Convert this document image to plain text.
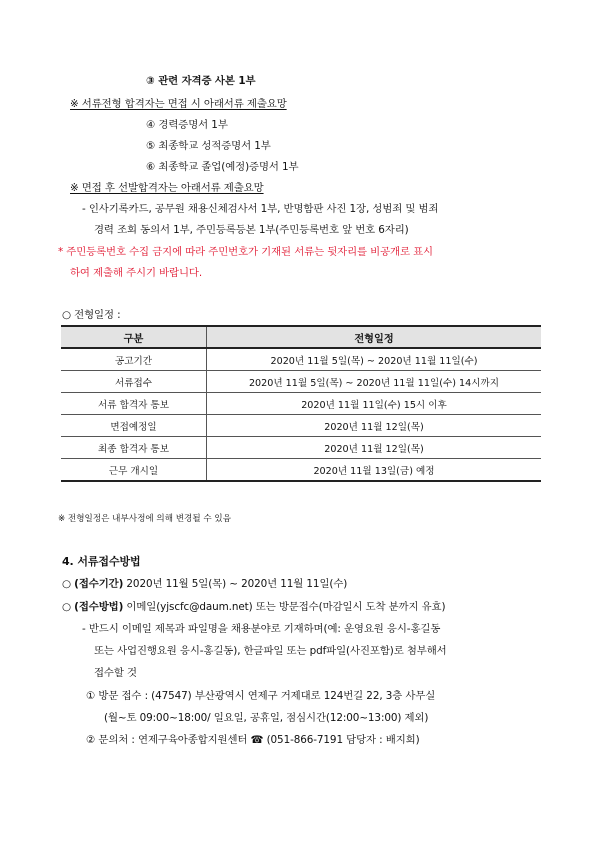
③ 관련 자격증 사본 1부
※ 서류전형 합격자는 면접 시 아래서류 제출요망
④ 경력증명서 1부
⑤ 최종학교 성적증명서 1부
⑥ 최종학교 졸업(예정)증명서 1부
※ 면접 후 선발합격자는 아래서류 제출요망
- 인사기록카드, 공무원 채용신체검사서 1부, 반명함판 사진 1장, 성범죄 및 범죄
경력 조회 동의서 1부, 주민등록등본 1부(주민등록번호 앞 번호 6자리)
* 주민등록번호 수집 금지에 따라 주민번호가 기재된 서류는 뒷자리를 비공개로 표시
하여 제출해 주시기 바랍니다.
○ 전형일정 :
구분	전형일정
공고기간	2020년 11월 5일(목) ~ 2020년 11월 11일(수)
서류접수	2020년 11월 5일(목) ~ 2020년 11월 11일(수) 14시까지
서류 합격자 통보	2020년 11월 11일(수) 15시 이후
면접예정일	2020년 11월 12일(목)
최종 합격자 통보	2020년 11월 12일(목)
근무 개시일	2020년 11월 13일(금) 예정
※ 전형일정은 내부사정에 의해 변경될 수 있음
4. 서류접수방법
○ (접수기간) 2020년 11월 5일(목) ~ 2020년 11월 11일(수)
○ (접수방법) 이메일(yjscfc@daum.net) 또는 방문접수(마감일시 도착 분까지 유효)
- 반드시 이메일 제목과 파일명을 채용분야로 기재하며(예: 운영요원 응시-홍길동
또는 사업진행요원 응시-홍길동), 한글파일 또는 pdf파일(사진포함)로 첨부해서
접수할 것
① 방문 접수 : (47547) 부산광역시 연제구 거제대로 124번길 22, 3층 사무실
(월~토 09:00~18:00/ 일요일, 공휴일, 점심시간(12:00~13:00) 제외)
② 문의처 : 연제구육아종합지원센터 ☎ (051-866-7191 담당자 : 배지희)
